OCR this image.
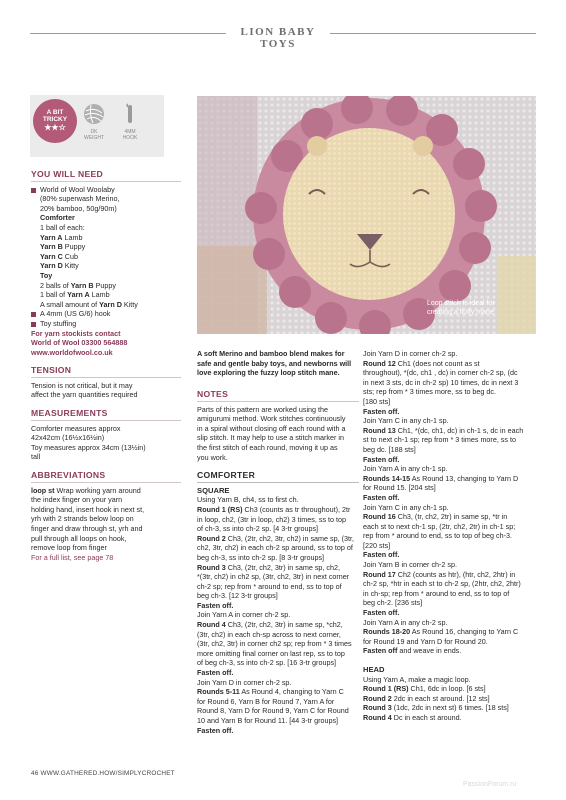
LION BABY TOYS
A BIT
TRICKY
★★☆	DK
WEIGHT
4MM
HOOK
YOU WILL NEED
World of Wool Woolaby
(80% superwash Merino,
20% bamboo, 50g/90m)
Comforter
1 ball of each:
Yarn A Lamb
Yarn B Puppy
Yarn C Cub
Yarn D Kitty
Toy
2 balls of Yarn B Puppy
1 ball of Yarn A Lamb
A small amount of Yarn D Kitty
A 4mm (US G/6) hook
Toy stuffing
For yarn stockists contact
World of Wool 03300 564888
www.worldofwool.co.uk
TENSION
Tension is not critical, but it may
affect the yarn quantities required
MEASUREMENTS
Comforter measures approx
42x42cm (16½x16½in)
Toy measures approx 34cm (13½in)
tall
ABBREVIATIONS
loop st Wrap working yarn around
the index finger on your yarn
holding hand, insert hook in next st,
yrh with 2 strands below loop on
finger and draw through st, yrh and
pull through all loops on hook,
remove loop from finger
For a full list, see page 78
Loop stitch is ideal for
creating a fluffy mane
A soft Merino and bamboo blend makes for
safe and gentle baby toys, and newborns will
love exploring the fuzzy loop stitch mane.
NOTES
Parts of this pattern are worked using the
amigurumi method. Work stitches continuously
in a spiral without closing off each round with a
slip stitch. It may help to use a stitch marker in
the first stitch of each round, moving it up as
you work.
COMFORTER
SQUARE
Using Yarn B, ch4, ss to first ch.
Round 1 (RS) Ch3 (counts as tr throughout), 2tr
in loop, ch2, (3tr in loop, ch2) 3 times, ss to top
of ch-3, ss into ch-2 sp. [4 3-tr groups]
Round 2 Ch3, (2tr, ch2, 3tr, ch2) in same sp, (3tr,
ch2, 3tr, ch2) in each ch-2 sp around, ss to top of
beg ch-3, ss into ch-2 sp. [8 3-tr groups]
Round 3 Ch3, (2tr, ch2, 3tr) in same sp, ch2,
*(3tr, ch2) in ch2 sp, (3tr, ch2, 3tr) in next corner
ch-2 sp; rep from * around to end, ss to top of
beg ch-3. [12 3-tr groups]
Fasten off.
Join Yarn A in corner ch-2 sp.
Round 4 Ch3, (2tr, ch2, 3tr) in same sp, *ch2,
(3tr, ch2) in each ch-sp across to next corner,
(3tr, ch2, 3tr) in corner ch2 sp; rep from * 3 times
more omitting final corner on last rep, ss to top
of beg ch-3, ss into ch-2 sp. [16 3-tr groups]
Fasten off.
Join Yarn D in corner ch-2 sp.
Rounds 5-11 As Round 4, changing to Yarn C
for Round 6, Yarn B for Round 7, Yarn A for
Round 8, Yarn D for Round 9, Yarn C for Round
10 and Yarn B for Round 11. [44 3-tr groups]
Fasten off.
Join Yarn D in corner ch-2 sp.
Round 12 Ch1 (does not count as st
throughout), *(dc, ch1 , dc) in corner ch-2 sp, (dc
in next 3 sts, dc in ch-2 sp) 10 times, dc in next 3
sts; rep from * 3 times more, ss to beg dc.
[180 sts]
Fasten off.
Join Yarn C in any ch-1 sp.
Round 13 Ch1, *(dc, ch1, dc) in ch-1 s, dc in each
st to next ch-1 sp; rep from * 3 times more, ss to
beg dc. [188 sts]
Fasten off.
Join Yarn A in any ch-1 sp.
Rounds 14-15 As Round 13, changing to Yarn D
for Round 15. [204 sts]
Fasten off.
Join Yarn C in any ch-1 sp.
Round 16 Ch3, (tr, ch2, 2tr) in same sp, *tr in
each st to next ch-1 sp, (2tr, ch2, 2tr) in ch-1 sp;
rep from * around to end, ss to top of beg ch-3.
[220 sts]
Fasten off.
Join Yarn B in corner ch-2 sp.
Round 17 Ch2 (counts as htr), (htr, ch2, 2htr) in
ch-2 sp, *htr in each st to ch-2 sp, (2htr, ch2, 2htr)
in ch-sp; rep from * around to end, ss to top of
beg ch-2. [236 sts]
Fasten off.
Join Yarn A in any ch-2 sp.
Rounds 18-20 As Round 16, changing to Yarn C
for Round 19 and Yarn D for Round 20.
Fasten off and weave in ends.
HEAD
Using Yarn A, make a magic loop.
Round 1 (RS) Ch1, 6dc in loop. [6 sts]
Round 2 2dc in each st around. [12 sts]
Round 3 (1dc, 2dc in next st) 6 times. [18 sts]
Round 4 Dc in each st around.
46 WWW.GATHERED.HOW/SIMPLYCROCHET
PassionForum.ru
